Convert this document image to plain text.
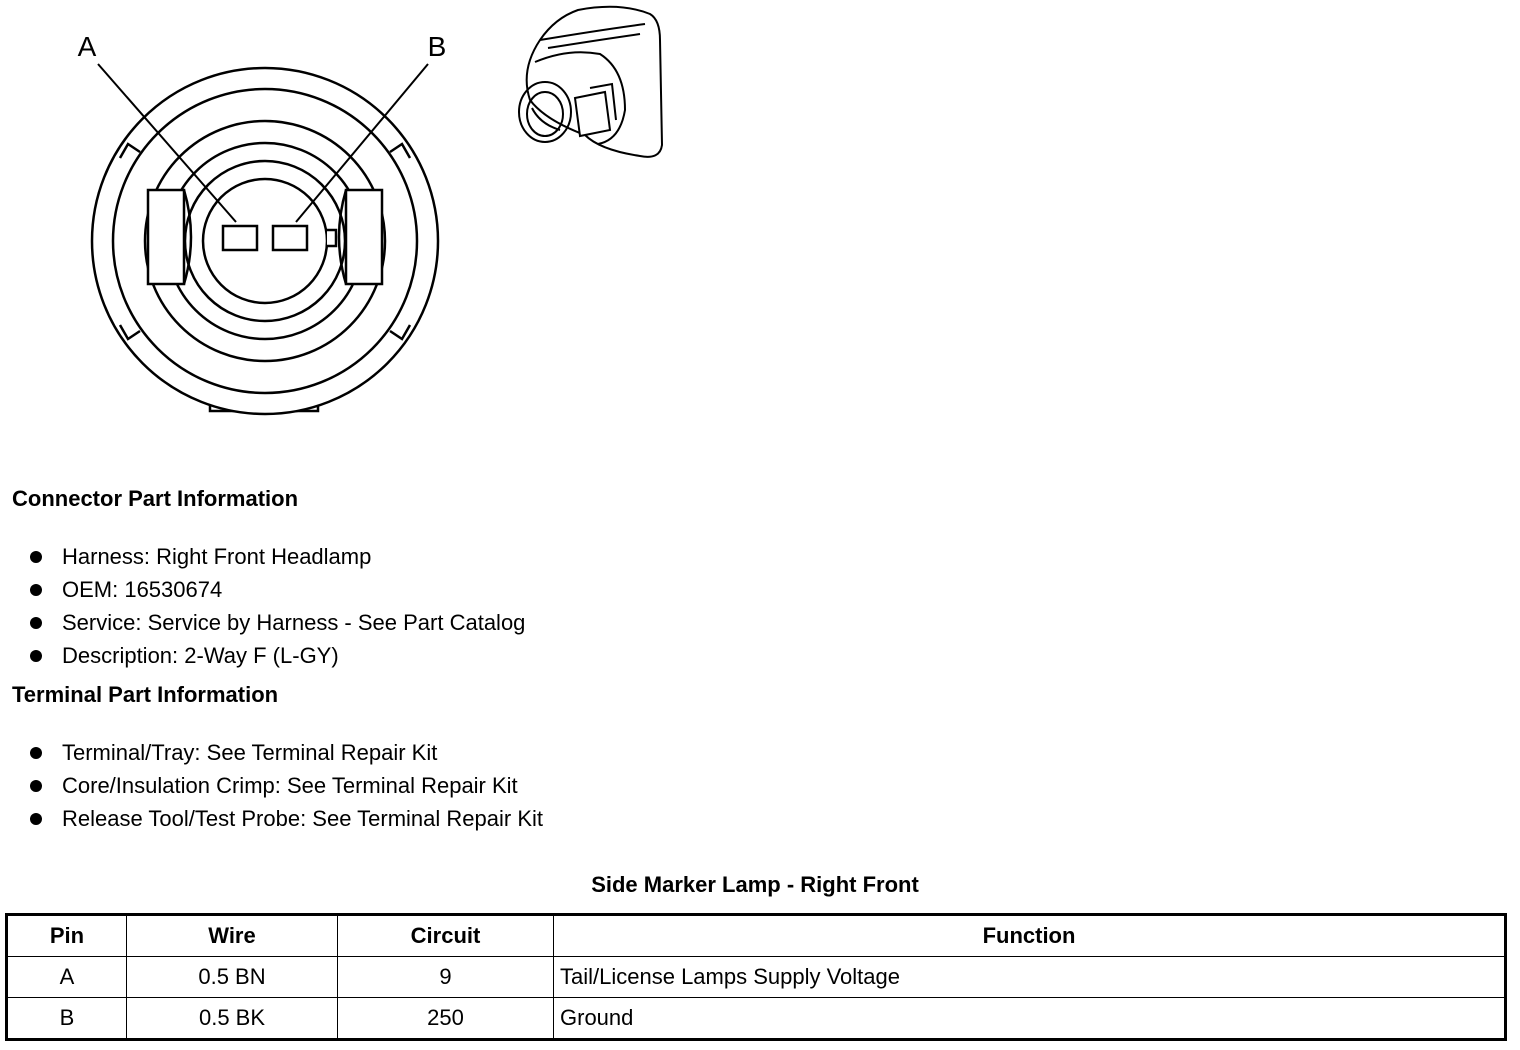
A	B
Connector Part Information
Harness: Right Front Headlamp
OEM: 16530674
Service: Service by Harness - See Part Catalog
Description: 2-Way F (L-GY)
Terminal Part Information
Terminal/Tray: See Terminal Repair Kit
Core/Insulation Crimp: See Terminal Repair Kit
Release Tool/Test Probe: See Terminal Repair Kit
Side Marker Lamp - Right Front
Pin	Wire	Circuit	Function
A	0.5 BN	9	Tail/License Lamps Supply Voltage
B	0.5 BK	250	Ground
